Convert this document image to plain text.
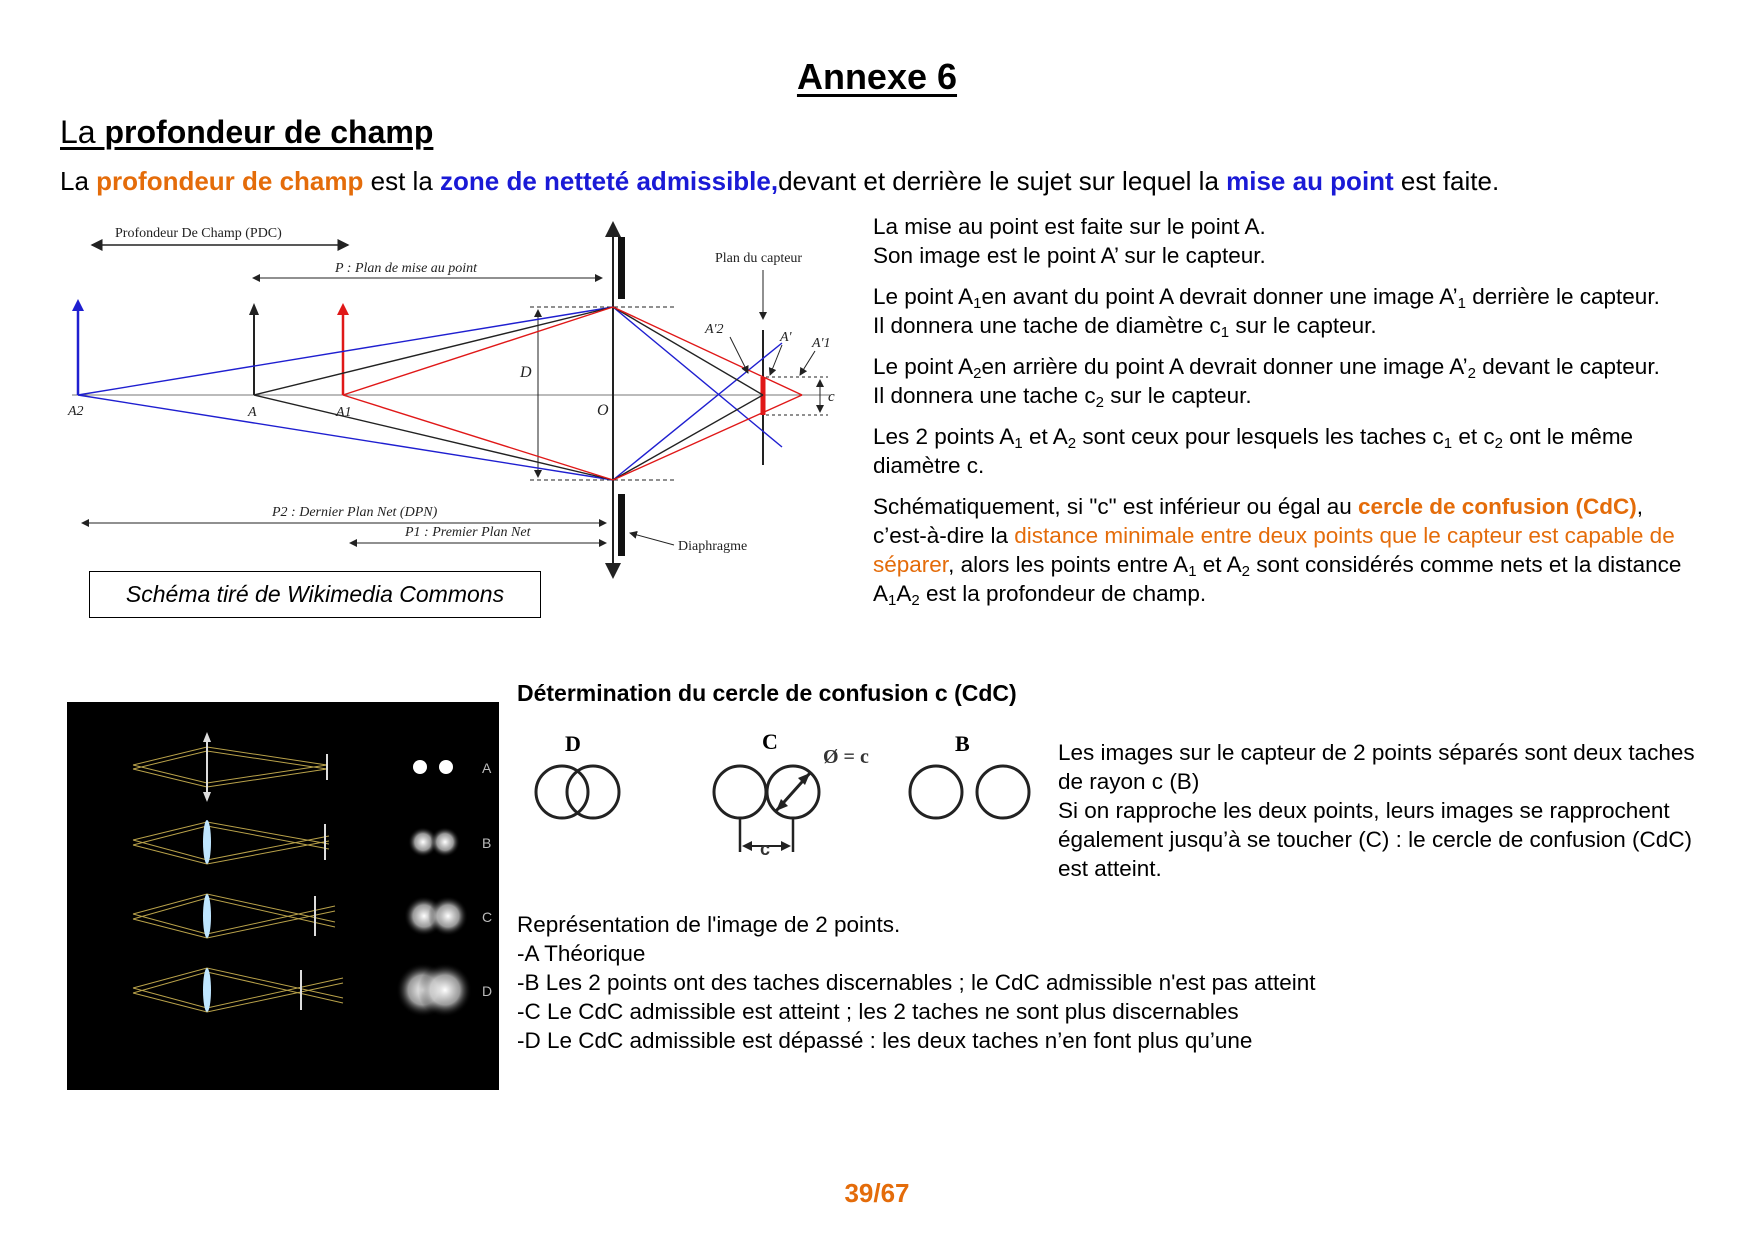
Annexe 6
La profondeur de champ
La profondeur de champ est la zone de netteté admissible,devant et derrière le sujet sur lequel la mise au point est faite.
Profondeur De Champ (PDC)
P : Plan de mise au point
Plan du capteur
D
O
c
A'2
A' A'1
A2	A	A1
P2 : Dernier Plan Net (DPN)
P1 : Premier Plan Net
Diaphragme
Schéma tiré de Wikimedia Commons

La mise au point est faite sur le point A.
Son image est le point A’ sur le capteur.

Le point $A_1en$ avant du point A devrait donner une image $A’_1$ derrière le capteur.
Il donnera une tache de diamètre $c_1$ sur le capteur.

Le point $A_2en$ arrière du point A devrait donner une image $A’_2$ devant le capteur.
Il donnera une tache $c_2$ sur le capteur.

Les 2 points $A_1$ et $A_2$ sont ceux pour lesquels les taches $c_1$ et $c_2$ ont le même diamètre c.

Schématiquement, si "c" est inférieur ou égal au cercle de confusion (CdC), c’est-à-dire la distance minimale entre deux points que le capteur est capable de séparer, alors les points entre $A_1$ et $A_2$ sont considérés comme nets et la distance $A_1A_2$ est la profondeur de champ.

A
B
C
D
Détermination du cercle de confusion c (CdC)
D	C	B
Ø = c
c
Les images sur le capteur de 2 points séparés sont deux taches de rayon c (B)
Si on rapproche les deux points, leurs images se rapprochent également jusqu’à se toucher (C) : le cercle de confusion (CdC) est atteint.
Représentation de l'image de 2 points.
-A Théorique
-B Les 2 points ont des taches discernables ; le CdC admissible n'est pas atteint
-C Le CdC admissible est atteint ; les 2 taches ne sont plus discernables
-D Le CdC admissible est dépassé : les deux taches n’en font plus qu’une
39/67
